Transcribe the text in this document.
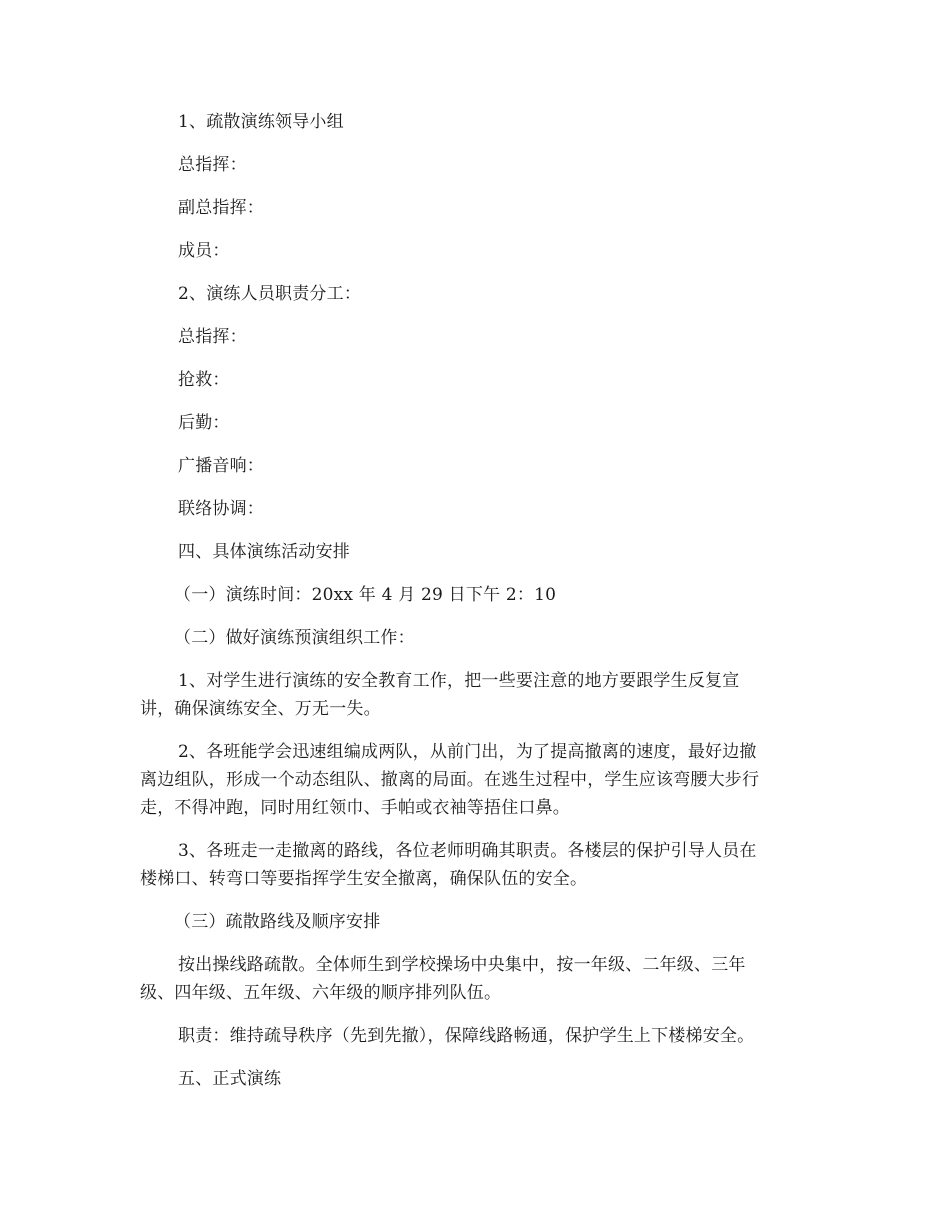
1、疏散演练领导小组

总指挥：

副总指挥：

成员：

2、演练人员职责分工：

总指挥：

抢救：

后勤：

广播音响：

联络协调：

四、具体演练活动安排

（一）演练时间：20xx 年 4 月 29 日下午 2：10

（二）做好演练预演组织工作：

1、对学生进行演练的安全教育工作，把一些要注意的地方要跟学生反复宣
讲，确保演练安全、万无一失。
2、各班能学会迅速组编成两队，从前门出，为了提高撤离的速度，最好边撤
离边组队，形成一个动态组队、撤离的局面。在逃生过程中，学生应该弯腰大步行
走，不得冲跑，同时用红领巾、手帕或衣袖等捂住口鼻。
3、各班走一走撤离的路线，各位老师明确其职责。各楼层的保护引导人员在
楼梯口、转弯口等要指挥学生安全撤离，确保队伍的安全。

（三）疏散路线及顺序安排

按出操线路疏散。全体师生到学校操场中央集中，按一年级、二年级、三年
级、四年级、五年级、六年级的顺序排列队伍。

职责：维持疏导秩序（先到先撤），保障线路畅通，保护学生上下楼梯安全。

五、正式演练
